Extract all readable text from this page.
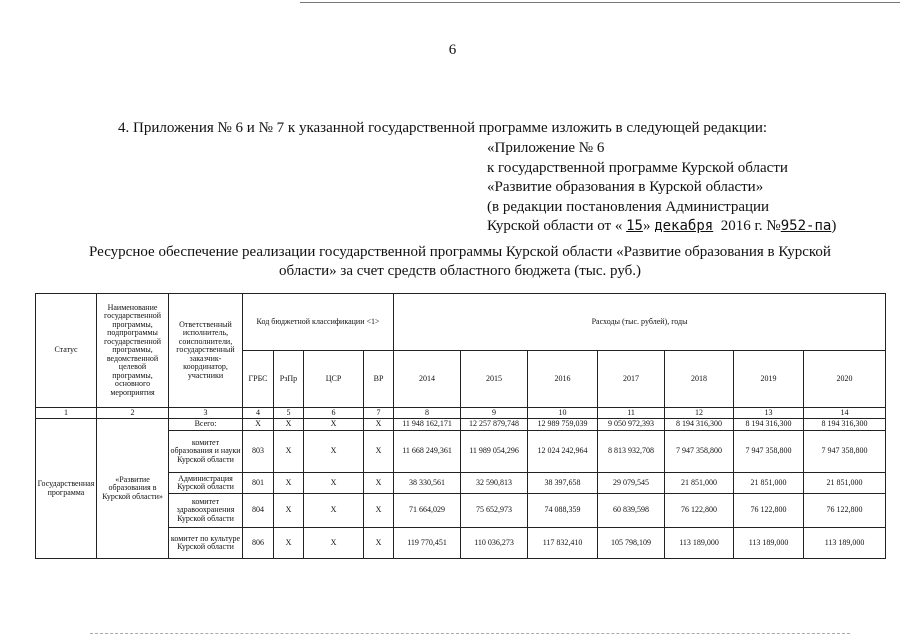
6
4. Приложения № 6 и № 7 к указанной государственной программе изложить в следующей редакции:
«Приложение № 6
к государственной программе Курской области
«Развитие образования в Курской области»
(в редакции постановления Администрации
Курской области от « 15» декабря 2016 г. №952-па)
Ресурсное обеспечение реализации государственной программы Курской области «Развитие образования в Курской
области» за счет средств областного бюджета (тыс. руб.)
Статус	Наименование государственной программы, подпрограммы государственной программы, ведомственной целевой программы, основного мероприятия	Ответственный исполнитель, соисполнители, государственный заказчик-координатор, участники	Код бюджетной классификации <1>				Расходы (тыс. рублей), годы						
			ГРБС	РзПр	ЦСР	ВР	2014	2015	2016	2017	2018	2019	2020
1	2	3	4	5	6	7	8	9	10	11	12	13	14
Государственная программа	«Развитие образования в Курской области»	Всего:	Х	Х	Х	Х	11 948 162,171	12 257 879,748	12 989 759,039	9 050 972,393	8 194 316,300	8 194 316,300	8 194 316,300
		комитет образования и науки Курской области	803	Х	Х	Х	11 668 249,361	11 989 054,296	12 024 242,964	8 813 932,708	7 947 358,800	7 947 358,800	7 947 358,800
		Администрация Курской области	801	Х	Х	Х	38 330,561	32 590,813	38 397,658	29 079,545	21 851,000	21 851,000	21 851,000
		комитет здравоохранения Курской области	804	Х	Х	Х	71 664,029	75 652,973	74 088,359	60 839,598	76 122,800	76 122,800	76 122,800
		комитет по культуре Курской области	806	Х	Х	Х	119 770,451	110 036,273	117 832,410	105 798,109	113 189,000	113 189,000	113 189,000
